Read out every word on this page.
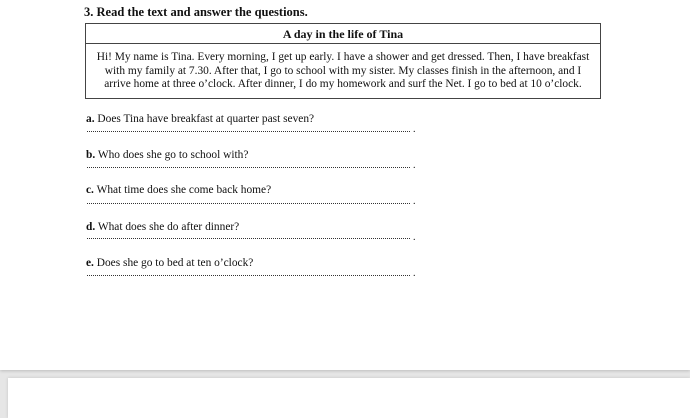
3. Read the text and answer the questions.

A day in the life of Tina

Hi! My name is Tina. Every morning, I get up early. I have a shower and get dressed. Then, I have breakfast
with my family at 7.30. After that, I go to school with my sister. My classes finish in the afternoon, and I
arrive home at three o’clock. After dinner, I do my homework and surf the Net. I go to bed at 10 o’clock.

a. Does Tina have breakfast at quarter past seven?

.

b. Who does she go to school with?

.

c. What time does she come back home?

.

d. What does she do after dinner?

.

e. Does she go to bed at ten o’clock?

.
